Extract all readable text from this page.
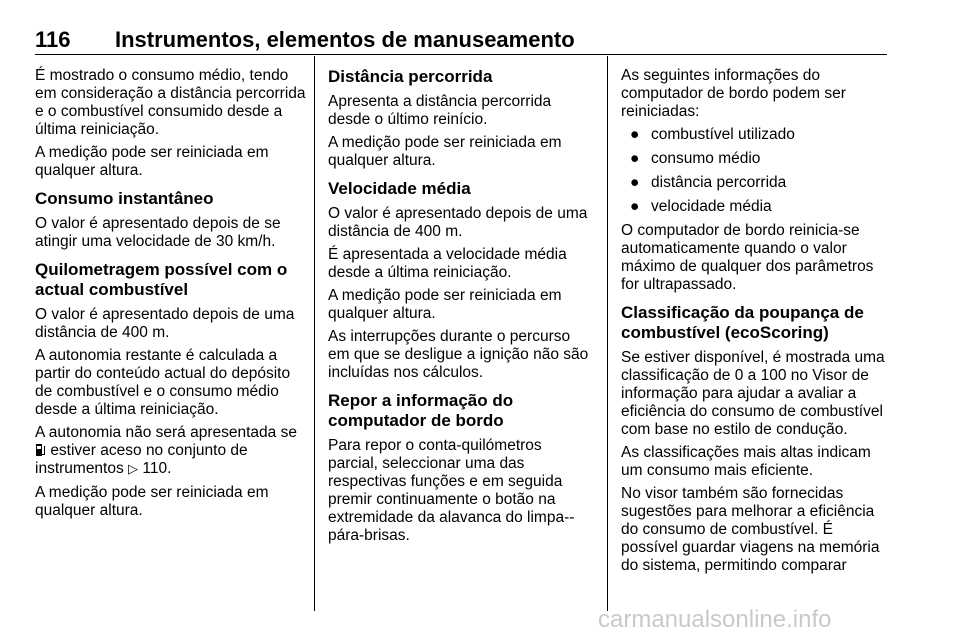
116 Instrumentos, elementos de manuseamento

É mostrado o consumo médio, tendo em consideração a distância percorrida e o combustível consumido desde a última reiniciação.

A medição pode ser reiniciada em qualquer altura.

Consumo instantâneo

O valor é apresentado depois de se atingir uma velocidade de 30 km/h.

Quilometragem possível com o actual combustível

O valor é apresentado depois de uma distância de 400 m.

A autonomia restante é calculada a partir do conteúdo actual do depósito de combustível e o consumo médio desde a última reiniciação.

A autonomia não será apresentada se
estiver aceso no conjunto de instrumentos ▷ 110.

A medição pode ser reiniciada em qualquer altura.

Distância percorrida

Apresenta a distância percorrida desde o último reinício.

A medição pode ser reiniciada em qualquer altura.

Velocidade média

O valor é apresentado depois de uma distância de 400 m.

É apresentada a velocidade média desde a última reiniciação.

A medição pode ser reiniciada em qualquer altura.

As interrupções durante o percurso em que se desligue a ignição não são incluídas nos cálculos.

Repor a informação do computador de bordo

Para repor o conta-quilómetros parcial, seleccionar uma das respectivas funções e em seguida premir continuamente o botão na extremidade da alavanca do limpa--pára-brisas.

As seguintes informações do computador de bordo podem ser reiniciadas:

● combustível utilizado
● consumo médio
● distância percorrida
● velocidade média

O computador de bordo reinicia-se automaticamente quando o valor máximo de qualquer dos parâmetros for ultrapassado.

Classificação da poupança de combustível (ecoScoring)

Se estiver disponível, é mostrada uma classificação de 0 a 100 no Visor de informação para ajudar a avaliar a eficiência do consumo de combustível com base no estilo de condução.

As classificações mais altas indicam um consumo mais eficiente.

No visor também são fornecidas sugestões para melhorar a eficiência do consumo de combustível. É possível guardar viagens na memória do sistema, permitindo comparar

carmanualsonline.info
